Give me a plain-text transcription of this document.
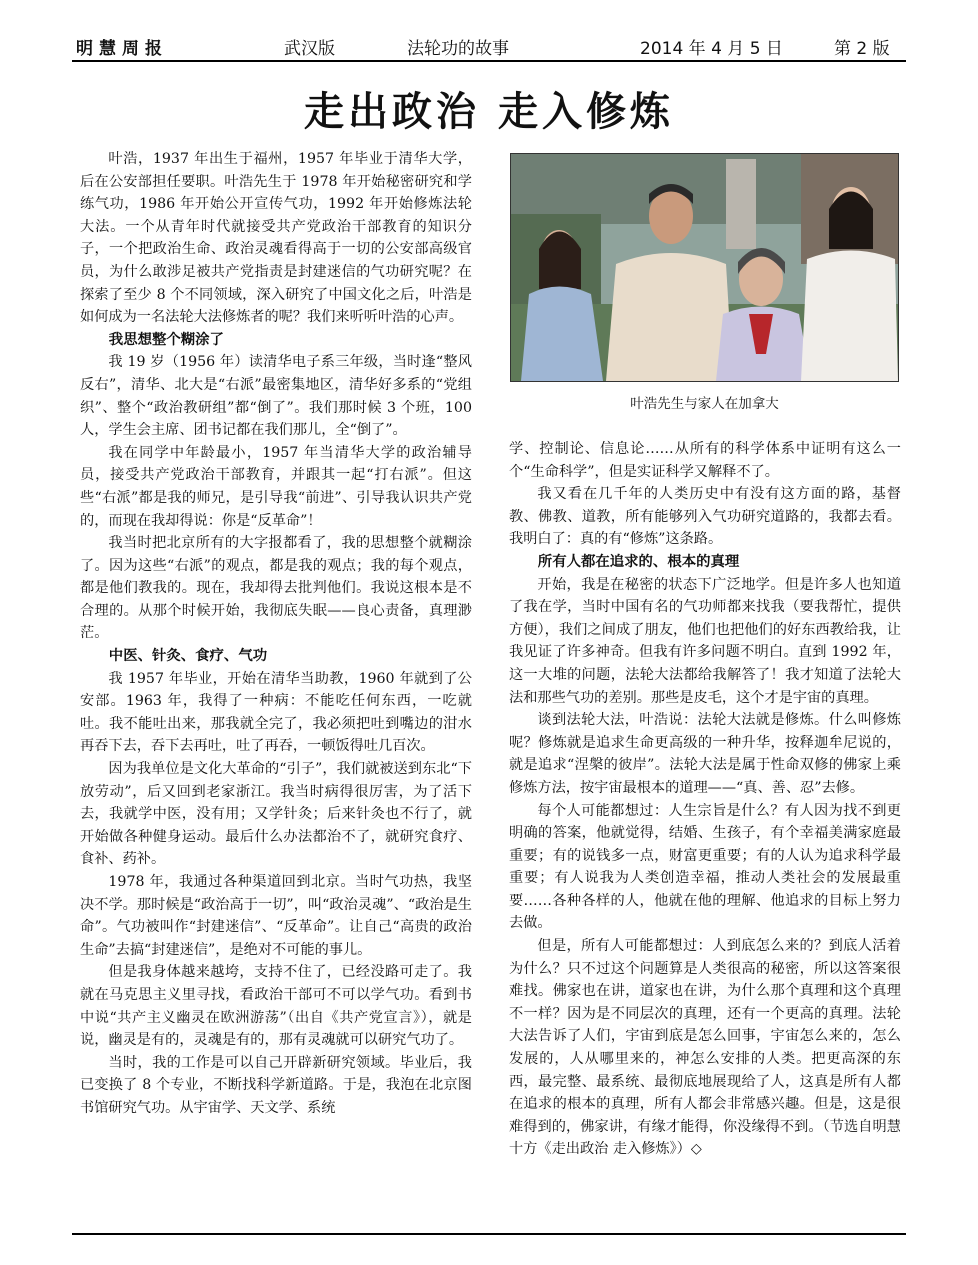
明慧周报	武汉版	法轮功的故事	2014 年 4 月 5 日	第 2 版
走出政治 走入修炼

叶浩，1937 年出生于福州，1957 年毕业于清华大学，后在公安部担任要职。叶浩先生于 1978 年开始秘密研究和学练气功，1986 年开始公开宣传气功，1992 年开始修炼法轮大法。一个从青年时代就接受共产党政治干部教育的知识分子，一个把政治生命、政治灵魂看得高于一切的公安部高级官员，为什么敢涉足被共产党指责是封建迷信的气功研究呢？在探索了至少 8 个不同领域，深入研究了中国文化之后，叶浩是如何成为一名法轮大法修炼者的呢？我们来听听叶浩的心声。

我思想整个糊涂了

我 19 岁（1956 年）读清华电子系三年级，当时逢“整风反右”，清华、北大是“右派”最密集地区，清华好多系的“党组织”、整个“政治教研组”都“倒了”。我们那时候 3 个班，100 人，学生会主席、团书记都在我们那儿，全“倒了”。

我在同学中年龄最小，1957 年当清华大学的政治辅导员，接受共产党政治干部教育，并跟其一起“打右派”。但这些“右派”都是我的师兄，是引导我“前进”、引导我认识共产党的，而现在我却得说：你是“反革命”！

我当时把北京所有的大字报都看了，我的思想整个就糊涂了。因为这些“右派”的观点，都是我的观点；我的每个观点，都是他们教我的。现在，我却得去批判他们。我说这根本是不合理的。从那个时候开始，我彻底失眠——良心责备，真理渺茫。

中医、针灸、食疗、气功

我 1957 年毕业，开始在清华当助教，1960 年就到了公安部。1963 年，我得了一种病：不能吃任何东西，一吃就吐。我不能吐出来，那我就全完了，我必须把吐到嘴边的泔水再吞下去，吞下去再吐，吐了再吞，一顿饭得吐几百次。

因为我单位是文化大革命的“引子”，我们就被送到东北“下放劳动”，后又回到老家浙江。我当时病得很厉害，为了活下去，我就学中医，没有用；又学针灸；后来针灸也不行了，就开始做各种健身运动。最后什么办法都治不了，就研究食疗、食补、药补。

1978 年，我通过各种渠道回到北京。当时气功热，我坚决不学。那时候是“政治高于一切”，叫“政治灵魂”、“政治是生命”。气功被叫作“封建迷信”、“反革命”。让自己“高贵的政治生命”去搞“封建迷信”，是绝对不可能的事儿。

但是我身体越来越垮，支持不住了，已经没路可走了。我就在马克思主义里寻找，看政治干部可不可以学气功。看到书中说“共产主义幽灵在欧洲游荡”（出自《共产党宣言》），就是说，幽灵是有的，灵魂是有的，那有灵魂就可以研究气功了。

当时，我的工作是可以自己开辟新研究领域。毕业后，我已变换了 8 个专业，不断找科学新道路。于是，我泡在北京图书馆研究气功。从宇宙学、天文学、系统

叶浩先生与家人在加拿大

学、控制论、信息论……从所有的科学体系中证明有这么一个“生命科学”，但是实证科学又解释不了。

我又看在几千年的人类历史中有没有这方面的路，基督教、佛教、道教，所有能够列入气功研究道路的，我都去看。我明白了：真的有“修炼”这条路。

所有人都在追求的、根本的真理

开始，我是在秘密的状态下广泛地学。但是许多人也知道了我在学，当时中国有名的气功师都来找我（要我帮忙，提供方便），我们之间成了朋友，他们也把他们的好东西教给我，让我见证了许多神奇。但我有许多问题不明白。直到 1992 年，这一大堆的问题，法轮大法都给我解答了！我才知道了法轮大法和那些气功的差别。那些是皮毛，这个才是宇宙的真理。

谈到法轮大法，叶浩说：法轮大法就是修炼。什么叫修炼呢？修炼就是追求生命更高级的一种升华，按释迦牟尼说的，就是追求“涅槃的彼岸”。法轮大法是属于性命双修的佛家上乘修炼方法，按宇宙最根本的道理——“真、善、忍”去修。

每个人可能都想过：人生宗旨是什么？有人因为找不到更明确的答案，他就觉得，结婚、生孩子，有个幸福美满家庭最重要；有的说钱多一点，财富更重要；有的人认为追求科学最重要；有人说我为人类创造幸福，推动人类社会的发展最重要……各种各样的人，他就在他的理解、他追求的目标上努力去做。

但是，所有人可能都想过：人到底怎么来的？到底人活着为什么？只不过这个问题算是人类很高的秘密，所以这答案很难找。佛家也在讲，道家也在讲，为什么那个真理和这个真理不一样？因为是不同层次的真理，还有一个更高的真理。法轮大法告诉了人们，宇宙到底是怎么回事，宇宙怎么来的，怎么发展的，人从哪里来的，神怎么安排的人类。把更高深的东西，最完整、最系统、最彻底地展现给了人，这真是所有人都在追求的根本的真理，所有人都会非常感兴趣。但是，这是很难得到的，佛家讲，有缘才能得，你没缘得不到。（节选自明慧十方《走出政治 走入修炼》）◇
